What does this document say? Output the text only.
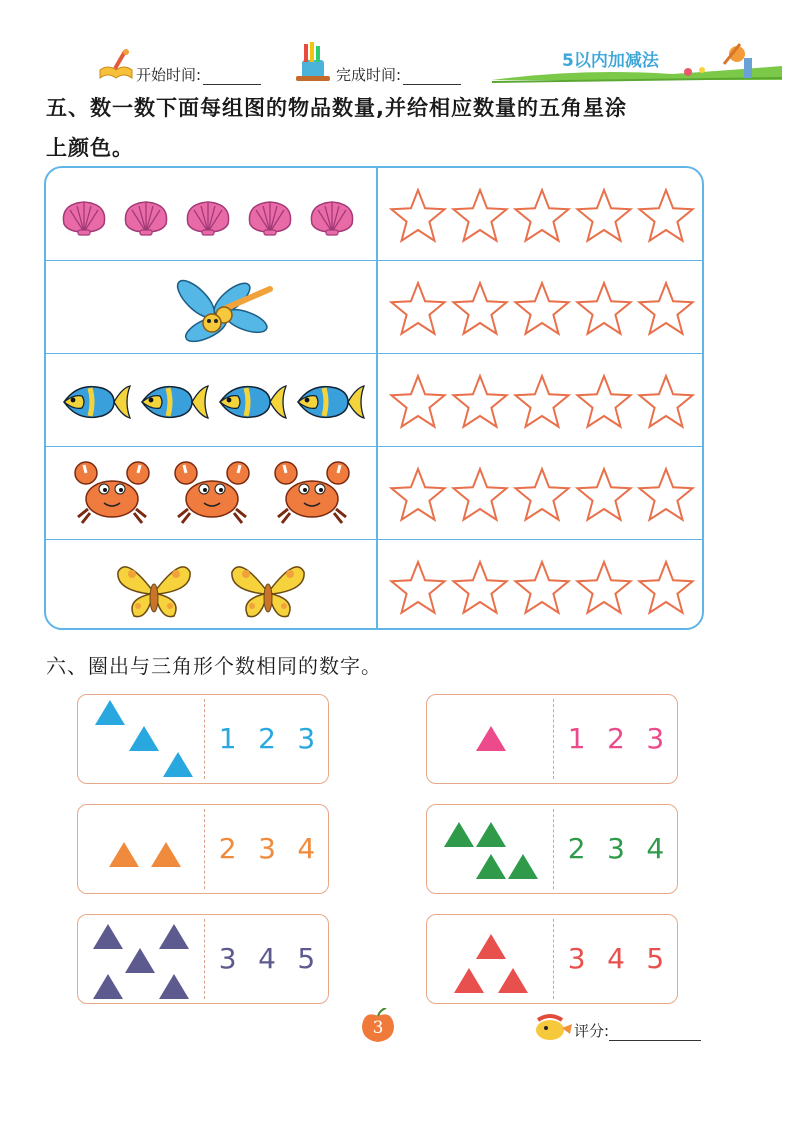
开始时间:	完成时间:
5以内加减法
五、数一数下面每组图的物品数量,并给相应数量的五角星涂
上颜色。
六、圈出与三角形个数相同的数字。
1 2 3	1 2 3
2 3 4	2 3 4
3 4 5	3 4 5
3	评分:
